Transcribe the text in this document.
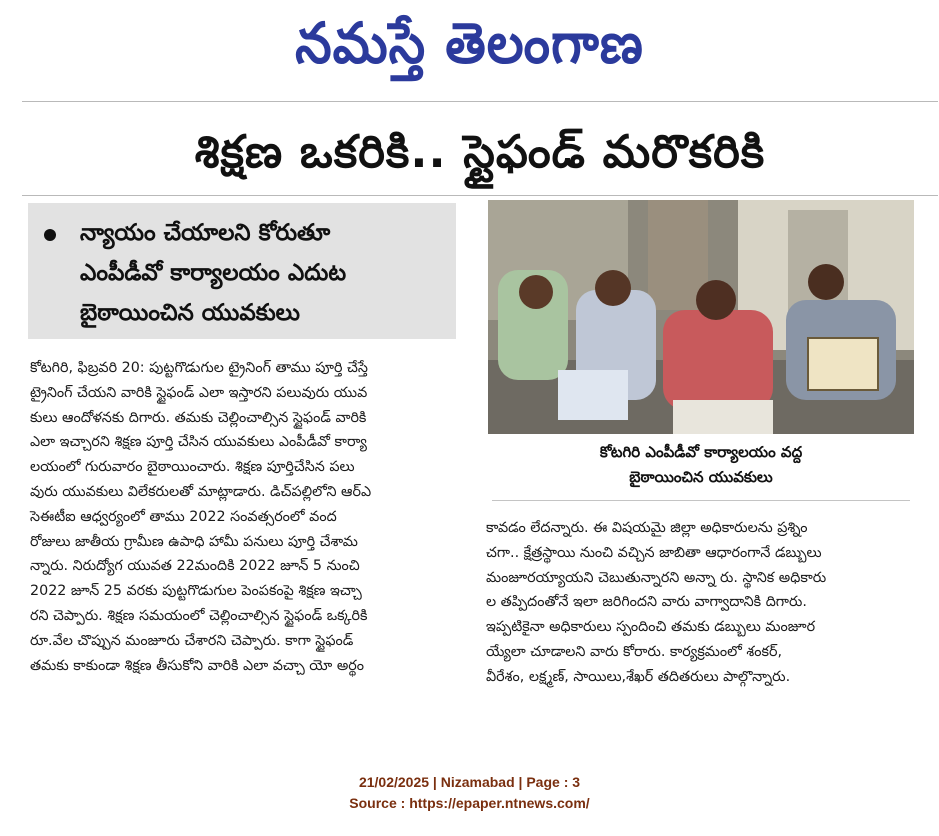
నమస్తే తెలంగాణ
శిక్షణ ఒకరికి.. స్టైఫండ్ మరొకరికి
న్యాయం చేయాలని కోరుతూ
ఎంపీడీవో కార్యాలయం ఎదుట
బైఠాయించిన యువకులు
కోటగిరి, ఫిబ్రవరి 20: పుట్టగొడుగుల ట్రైనింగ్ తాము పూర్తి చేస్తే
ట్రైనింగ్ చేయని వారికి స్టైఫండ్ ఎలా ఇస్తారని పలువురు యువ
కులు ఆందోళనకు దిగారు. తమకు చెల్లించాల్సిన స్టైఫండ్ వారికి
ఎలా ఇచ్చారని శిక్షణ పూర్తి చేసిన యువకులు ఎంపీడీవో కార్యా
లయంలో గురువారం బైఠాయించారు. శిక్షణ పూర్తిచేసిన పలు
వురు యువకులు విలేకరులతో మాట్లాడారు. డిచ్‌పల్లిలోని ఆర్‌ఎ
సెఈటీఐ ఆధ్వర్యంలో తాము 2022 సంవత్సరంలో వంద
రోజులు జాతీయ గ్రామీణ ఉపాధి హామీ పనులు పూర్తి చేశామ
న్నారు. నిరుద్యోగ యువత 22మందికి 2022 జూన్ 5 నుంచి
2022 జూన్ 25 వరకు పుట్టగొడుగుల పెంపకంపై శిక్షణ ఇచ్చా
రని చెప్పారు. శిక్షణ సమయంలో చెల్లించాల్సిన స్టైఫండ్ ఒక్కరికి
రూ.వేల చొప్పున మంజూరు చేశారని చెప్పారు. కాగా స్టైఫండ్
తమకు కాకుండా శిక్షణ తీసుకోని వారికి ఎలా వచ్చా యో అర్థం
కోటగిరి ఎంపీడీవో కార్యాలయం వద్ద
బైఠాయించిన యువకులు
కావడం లేదన్నారు. ఈ విషయమై జిల్లా అధికారులను ప్రశ్నిం
చగా.. క్షేత్రస్థాయి నుంచి వచ్చిన జాబితా ఆధారంగానే డబ్బులు
మంజూరయ్యాయని చెబుతున్నారని అన్నా రు. స్థానిక అధికారు
ల తప్పిదంతోనే ఇలా జరిగిందని వారు వాగ్వాదానికి దిగారు.
ఇప్పటికైనా అధికారులు స్పందించి తమకు డబ్బులు మంజూర
య్యేలా చూడాలని వారు కోరారు. కార్యక్రమంలో శంకర్,
వీరేశం, లక్ష్మణ్, సాయిలు,శేఖర్ తదితరులు పాల్గొన్నారు.
21/02/2025 | Nizamabad | Page : 3
Source : https://epaper.ntnews.com/
